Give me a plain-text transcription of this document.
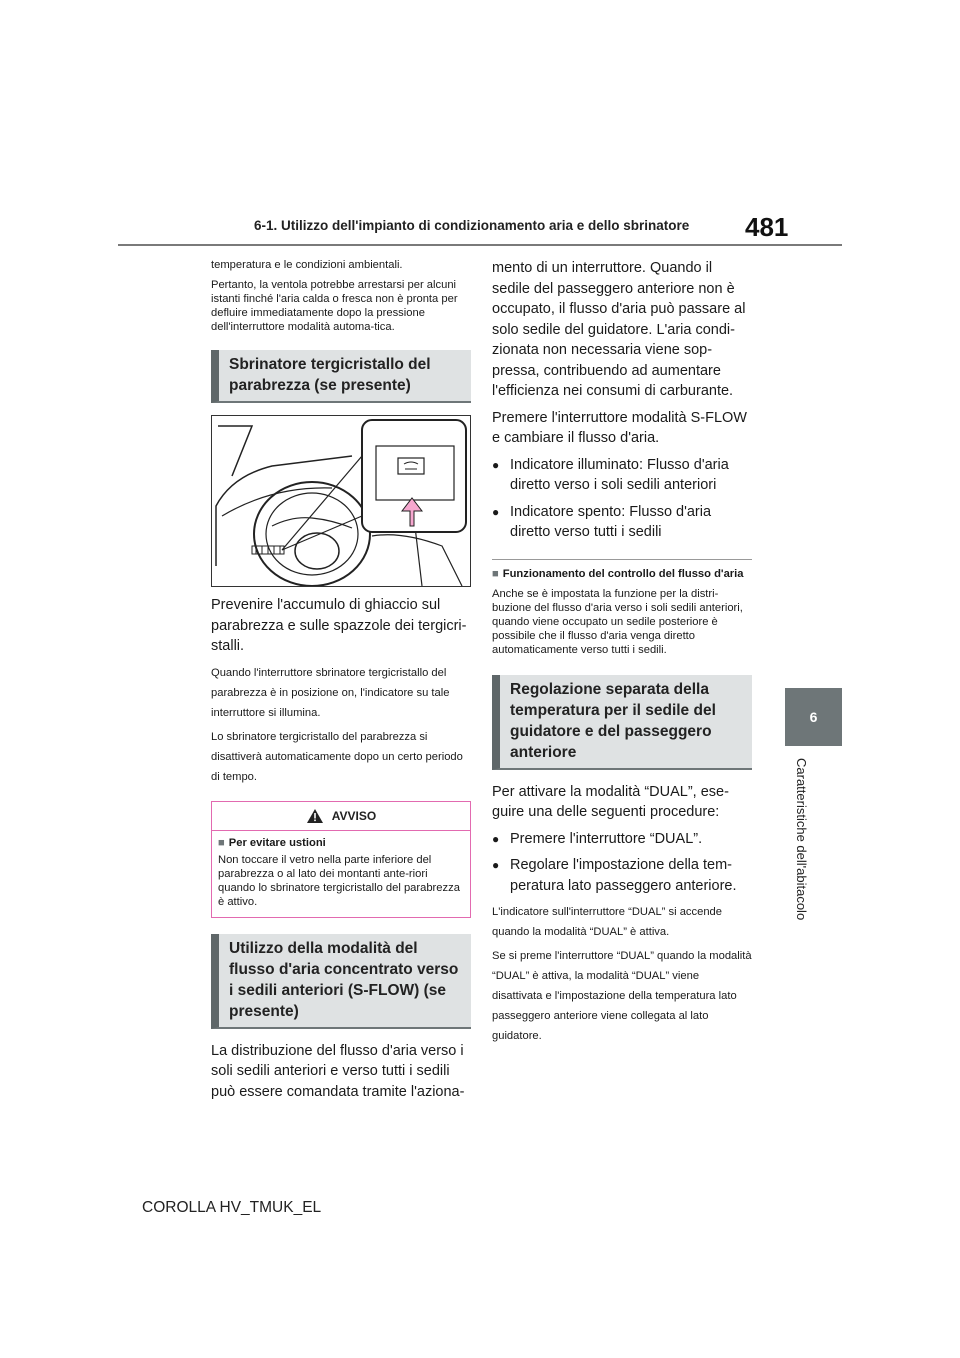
6-1. Utilizzo dell'impianto di condizionamento aria e dello sbrinatore	481
6
Caratteristiche dell'abitacolo

temperatura e le condizioni ambientali.

Pertanto, la ventola potrebbe arrestarsi per alcuni istanti finché l'aria calda o fresca non è pronta per defluire immediatamente dopo la pressione dell'interruttore modalità automa-tica.

Sbrinatore tergicristallo del parabrezza (se presente)

Prevenire l'accumulo di ghiaccio sul parabrezza e sulle spazzole dei tergicri-stalli.

Quando l'interruttore sbrinatore tergicristallo del parabrezza è in posizione on, l'indicatore su tale interruttore si illumina.

Lo sbrinatore tergicristallo del parabrezza si disattiverà automaticamente dopo un certo periodo di tempo.

AVVISO

■ Per evitare ustioni

Non toccare il vetro nella parte inferiore del parabrezza o al lato dei montanti ante-riori quando lo sbrinatore tergicristallo del parabrezza è attivo.

Utilizzo della modalità del flusso d'aria concentrato verso i sedili anteriori (S-FLOW) (se presente)

La distribuzione del flusso d'aria verso i soli sedili anteriori e verso tutti i sedili può essere comandata tramite l'aziona-

mento di un interruttore. Quando il sedile del passeggero anteriore non è occupato, il flusso d'aria può passare al solo sedile del guidatore. L'aria condi-zionata non necessaria viene sop-pressa, contribuendo ad aumentare l'efficienza nei consumi di carburante.

Premere l'interruttore modalità S-FLOW e cambiare il flusso d'aria.

● Indicatore illuminato: Flusso d'aria diretto verso i soli sedili anteriori
● Indicatore spento: Flusso d'aria diretto verso tutti i sedili

■ Funzionamento del controllo del flusso d'aria

Anche se è impostata la funzione per la distri-buzione del flusso d'aria verso i soli sedili anteriori, quando viene occupato un sedile posteriore è possibile che il flusso d'aria venga diretto automaticamente verso tutti i sedili.

Regolazione separata della temperatura per il sedile del guidatore e del passeggero anteriore

Per attivare la modalità “DUAL”, ese-guire una delle seguenti procedure:

● Premere l'interruttore “DUAL”.
● Regolare l'impostazione della tem-peratura lato passeggero anteriore.

L'indicatore sull'interruttore “DUAL” si accende quando la modalità “DUAL” è attiva.

Se si preme l'interruttore “DUAL” quando la modalità “DUAL” è attiva, la modalità “DUAL” viene disattivata e l'impostazione della temperatura lato passeggero anteriore viene collegata al lato guidatore.

COROLLA HV_TMUK_EL
